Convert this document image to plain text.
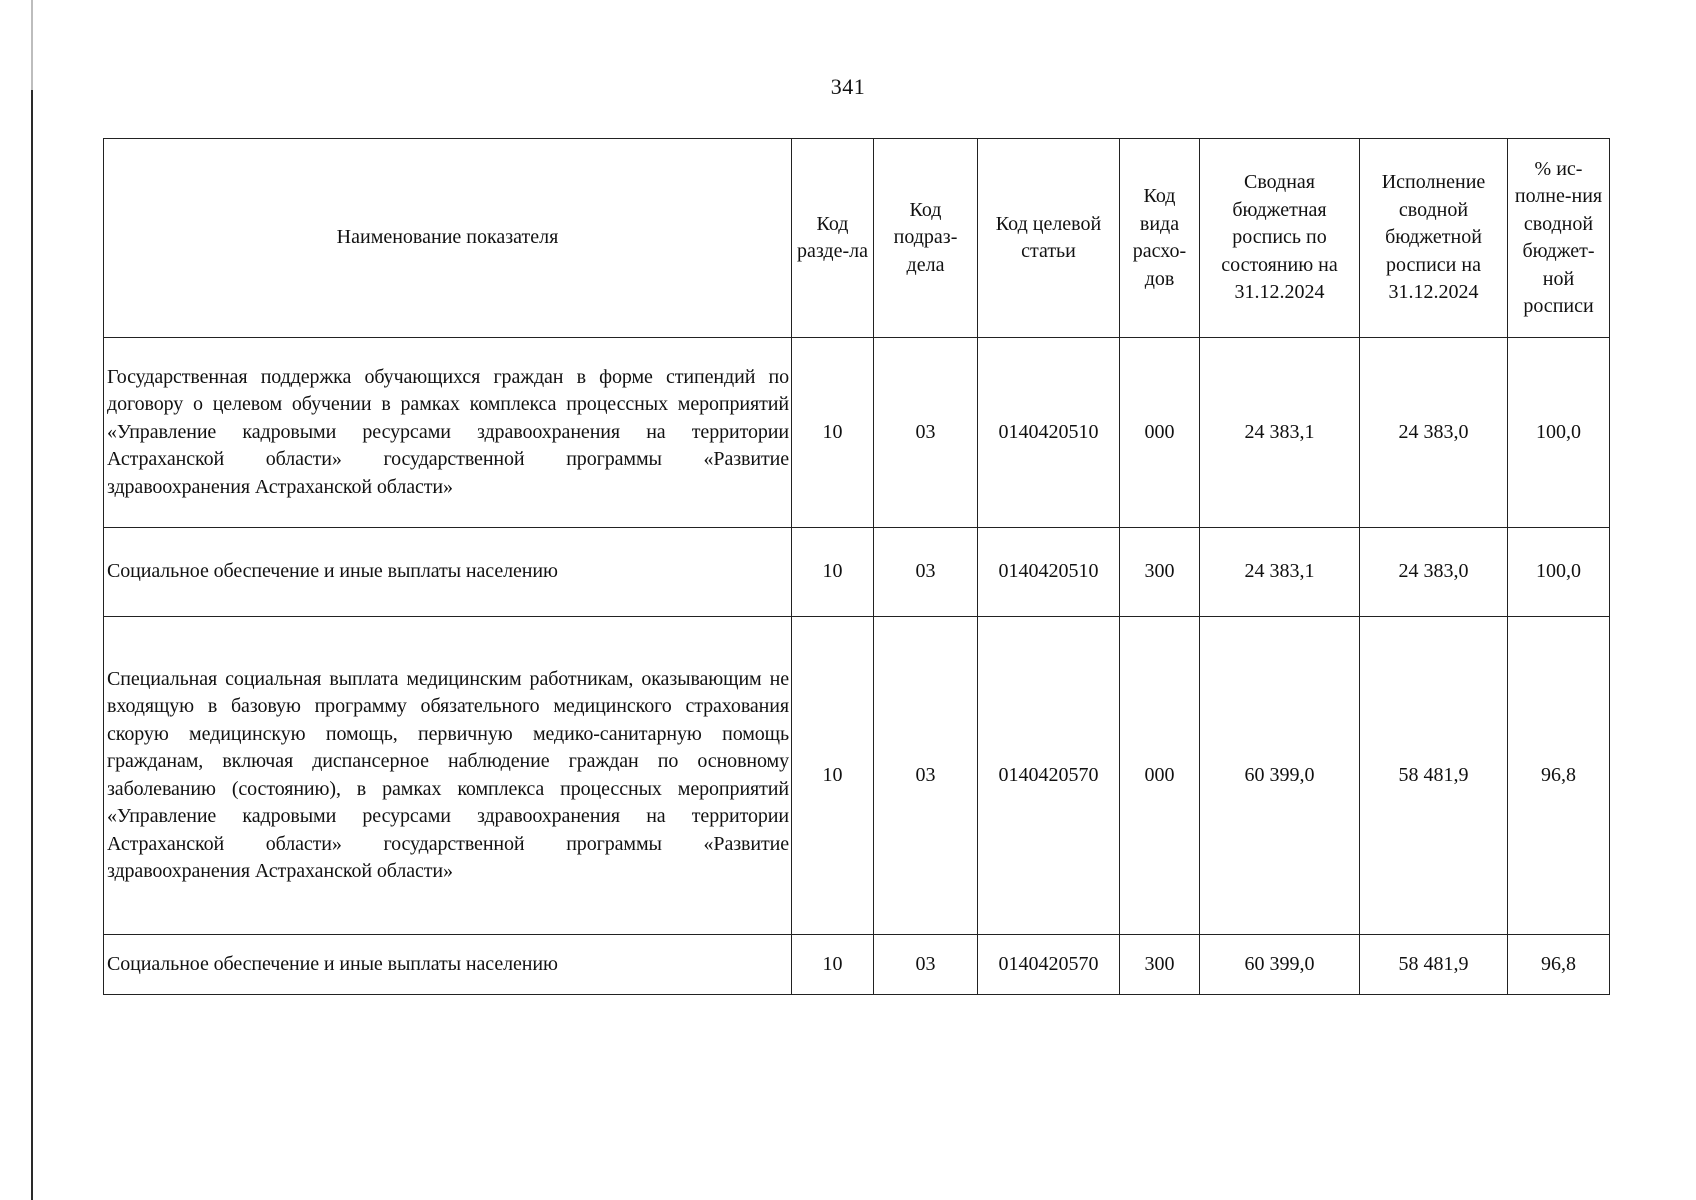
341
Наименование показателя	Код разде-ла	Код подраз-дела	Код целевой статьи	Код вида расхо-дов	Сводная бюджетная роспись по состоянию на 31.12.2024	Исполнение сводной бюджетной росписи на 31.12.2024	% ис-полне-ния сводной бюджет-ной росписи
Государственная поддержка обучающихся граждан в форме стипендий по договору о целевом обучении в рамках комплекса процессных мероприятий «Управление кадровыми ресурсами здравоохранения на территории Астраханской области» государственной программы «Развитие здравоохранения Астраханской области»	10	03	0140420510	000	24 383,1	24 383,0	100,0
Социальное обеспечение и иные выплаты населению	10	03	0140420510	300	24 383,1	24 383,0	100,0
Специальная социальная выплата медицинским работникам, оказывающим не входящую в базовую программу обязательного медицинского страхования скорую медицинскую помощь, первичную медико-санитарную помощь гражданам, включая диспансерное наблюдение граждан по основному заболеванию (состоянию), в рамках комплекса процессных мероприятий «Управление кадровыми ресурсами здравоохранения на территории Астраханской области» государственной программы «Развитие здравоохранения Астраханской области»	10	03	0140420570	000	60 399,0	58 481,9	96,8
Социальное обеспечение и иные выплаты населению	10	03	0140420570	300	60 399,0	58 481,9	96,8
